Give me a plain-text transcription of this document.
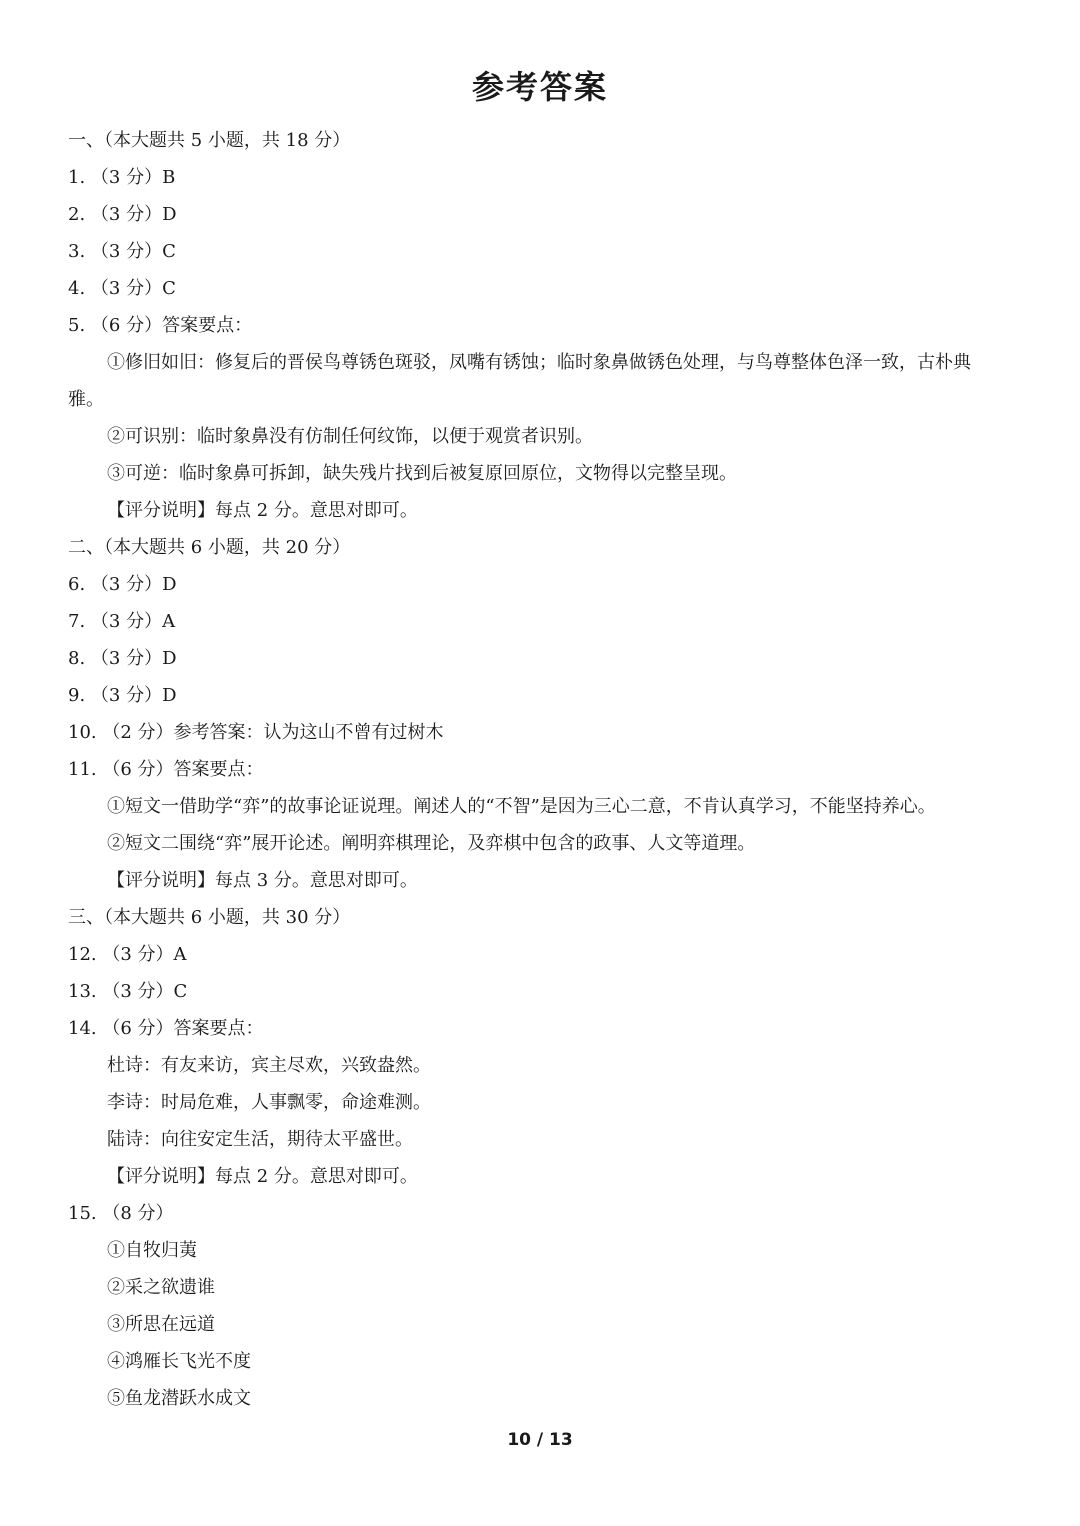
参考答案
一、（本大题共 5 小题，共 18 分）
1. （3 分）B
2. （3 分）D
3. （3 分）C
4. （3 分）C
5. （6 分）答案要点：
①修旧如旧：修复后的晋侯鸟尊锈色斑驳，凤嘴有锈蚀；临时象鼻做锈色处理，与鸟尊整体色泽一致，古朴典
雅。
②可识别：临时象鼻没有仿制任何纹饰，以便于观赏者识别。
③可逆：临时象鼻可拆卸，缺失残片找到后被复原回原位，文物得以完整呈现。
【评分说明】每点 2 分。意思对即可。
二、（本大题共 6 小题，共 20 分）
6. （3 分）D
7. （3 分）A
8. （3 分）D
9. （3 分）D
10. （2 分）参考答案：认为这山不曾有过树木
11. （6 分）答案要点：
①短文一借助学“弈”的故事论证说理。阐述人的“不智”是因为三心二意，不肯认真学习，不能坚持养心。
②短文二围绕“弈”展开论述。阐明弈棋理论，及弈棋中包含的政事、人文等道理。
【评分说明】每点 3 分。意思对即可。
三、（本大题共 6 小题，共 30 分）
12. （3 分）A
13. （3 分）C
14. （6 分）答案要点：
杜诗：有友来访，宾主尽欢，兴致盎然。
李诗：时局危难，人事飘零，命途难测。
陆诗：向往安定生活，期待太平盛世。
【评分说明】每点 2 分。意思对即可。
15. （8 分）
①自牧归荑
②采之欲遗谁
③所思在远道
④鸿雁长飞光不度
⑤鱼龙潜跃水成文
10 / 13
